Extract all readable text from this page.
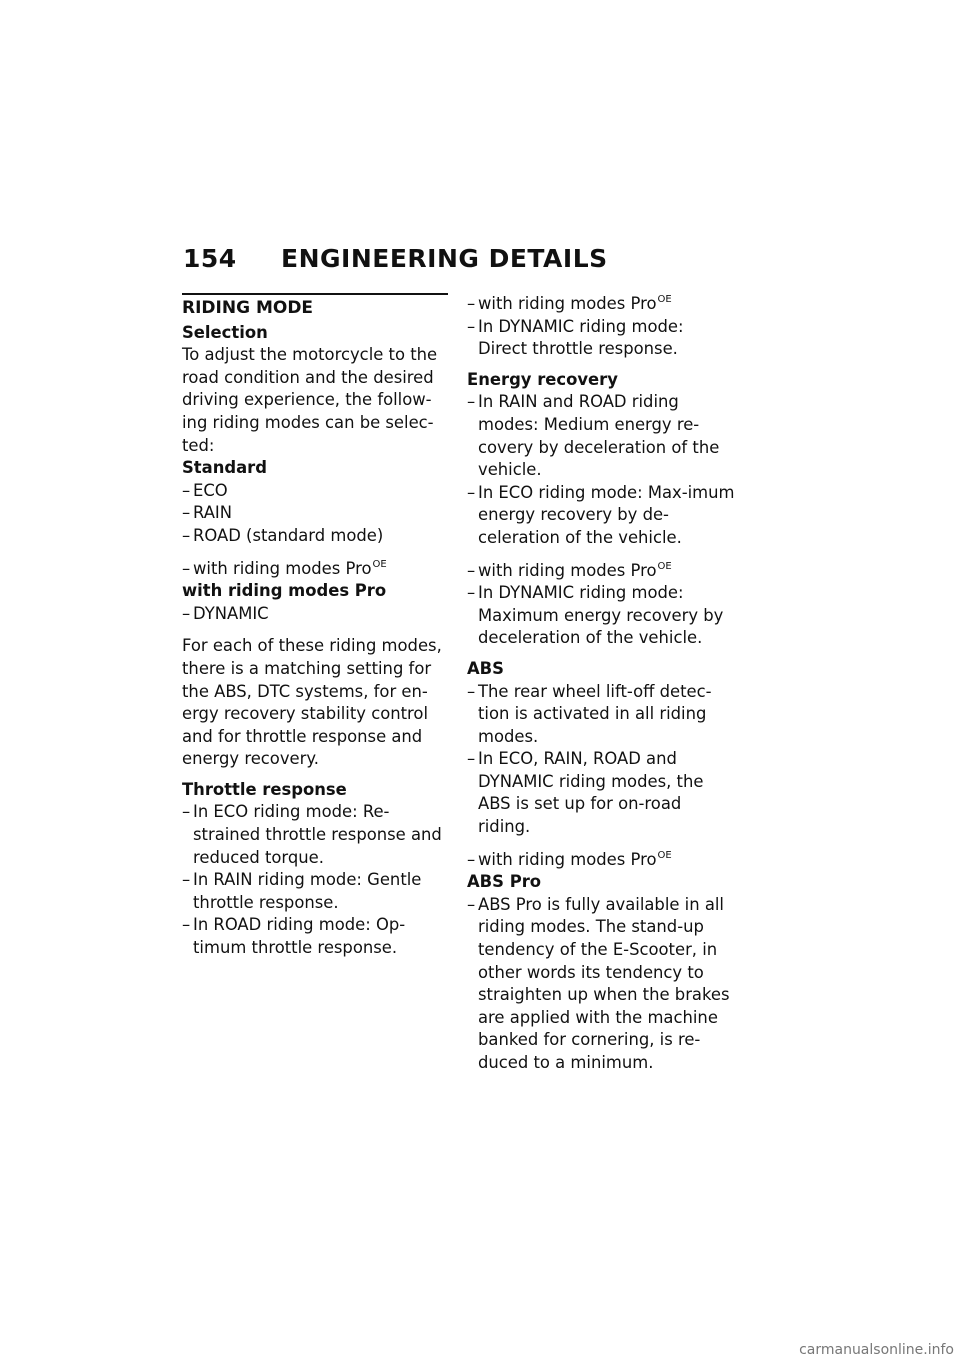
154 ENGINEERING DETAILS
RIDING MODE

Selection

To adjust the motorcycle to the road condition and the desired driving experience, the follow-ing riding modes can be selec-ted:

Standard

– ECO
– RAIN
– ROAD (standard mode)
– with riding modes Pro$^{OE}$

with riding modes Pro

– DYNAMIC

For each of these riding modes, there is a matching setting for the ABS, DTC systems, for en-ergy recovery stability control and for throttle response and energy recovery.

Throttle response

– In ECO riding mode: Re-strained throttle response and reduced torque.
– In RAIN riding mode: Gentle throttle response.
– In ROAD riding mode: Op-timum throttle response.
– with riding modes Pro$^{OE}$
– In DYNAMIC riding mode: Direct throttle response.

Energy recovery

– In RAIN and ROAD riding modes: Medium energy re-covery by deceleration of the vehicle.
– In ECO riding mode: Max-imum energy recovery by de-celeration of the vehicle.
– with riding modes Pro$^{OE}$
– In DYNAMIC riding mode: Maximum energy recovery by deceleration of the vehicle.

ABS

– The rear wheel lift-off detec-tion is activated in all riding modes.
– In ECO, RAIN, ROAD and DYNAMIC riding modes, the ABS is set up for on-road riding.
– with riding modes Pro$^{OE}$

ABS Pro

– ABS Pro is fully available in all riding modes. The stand-up tendency of the E-Scooter, in other words its tendency to straighten up when the brakes are applied with the machine banked for cornering, is re-duced to a minimum.
carmanualsonline.info
